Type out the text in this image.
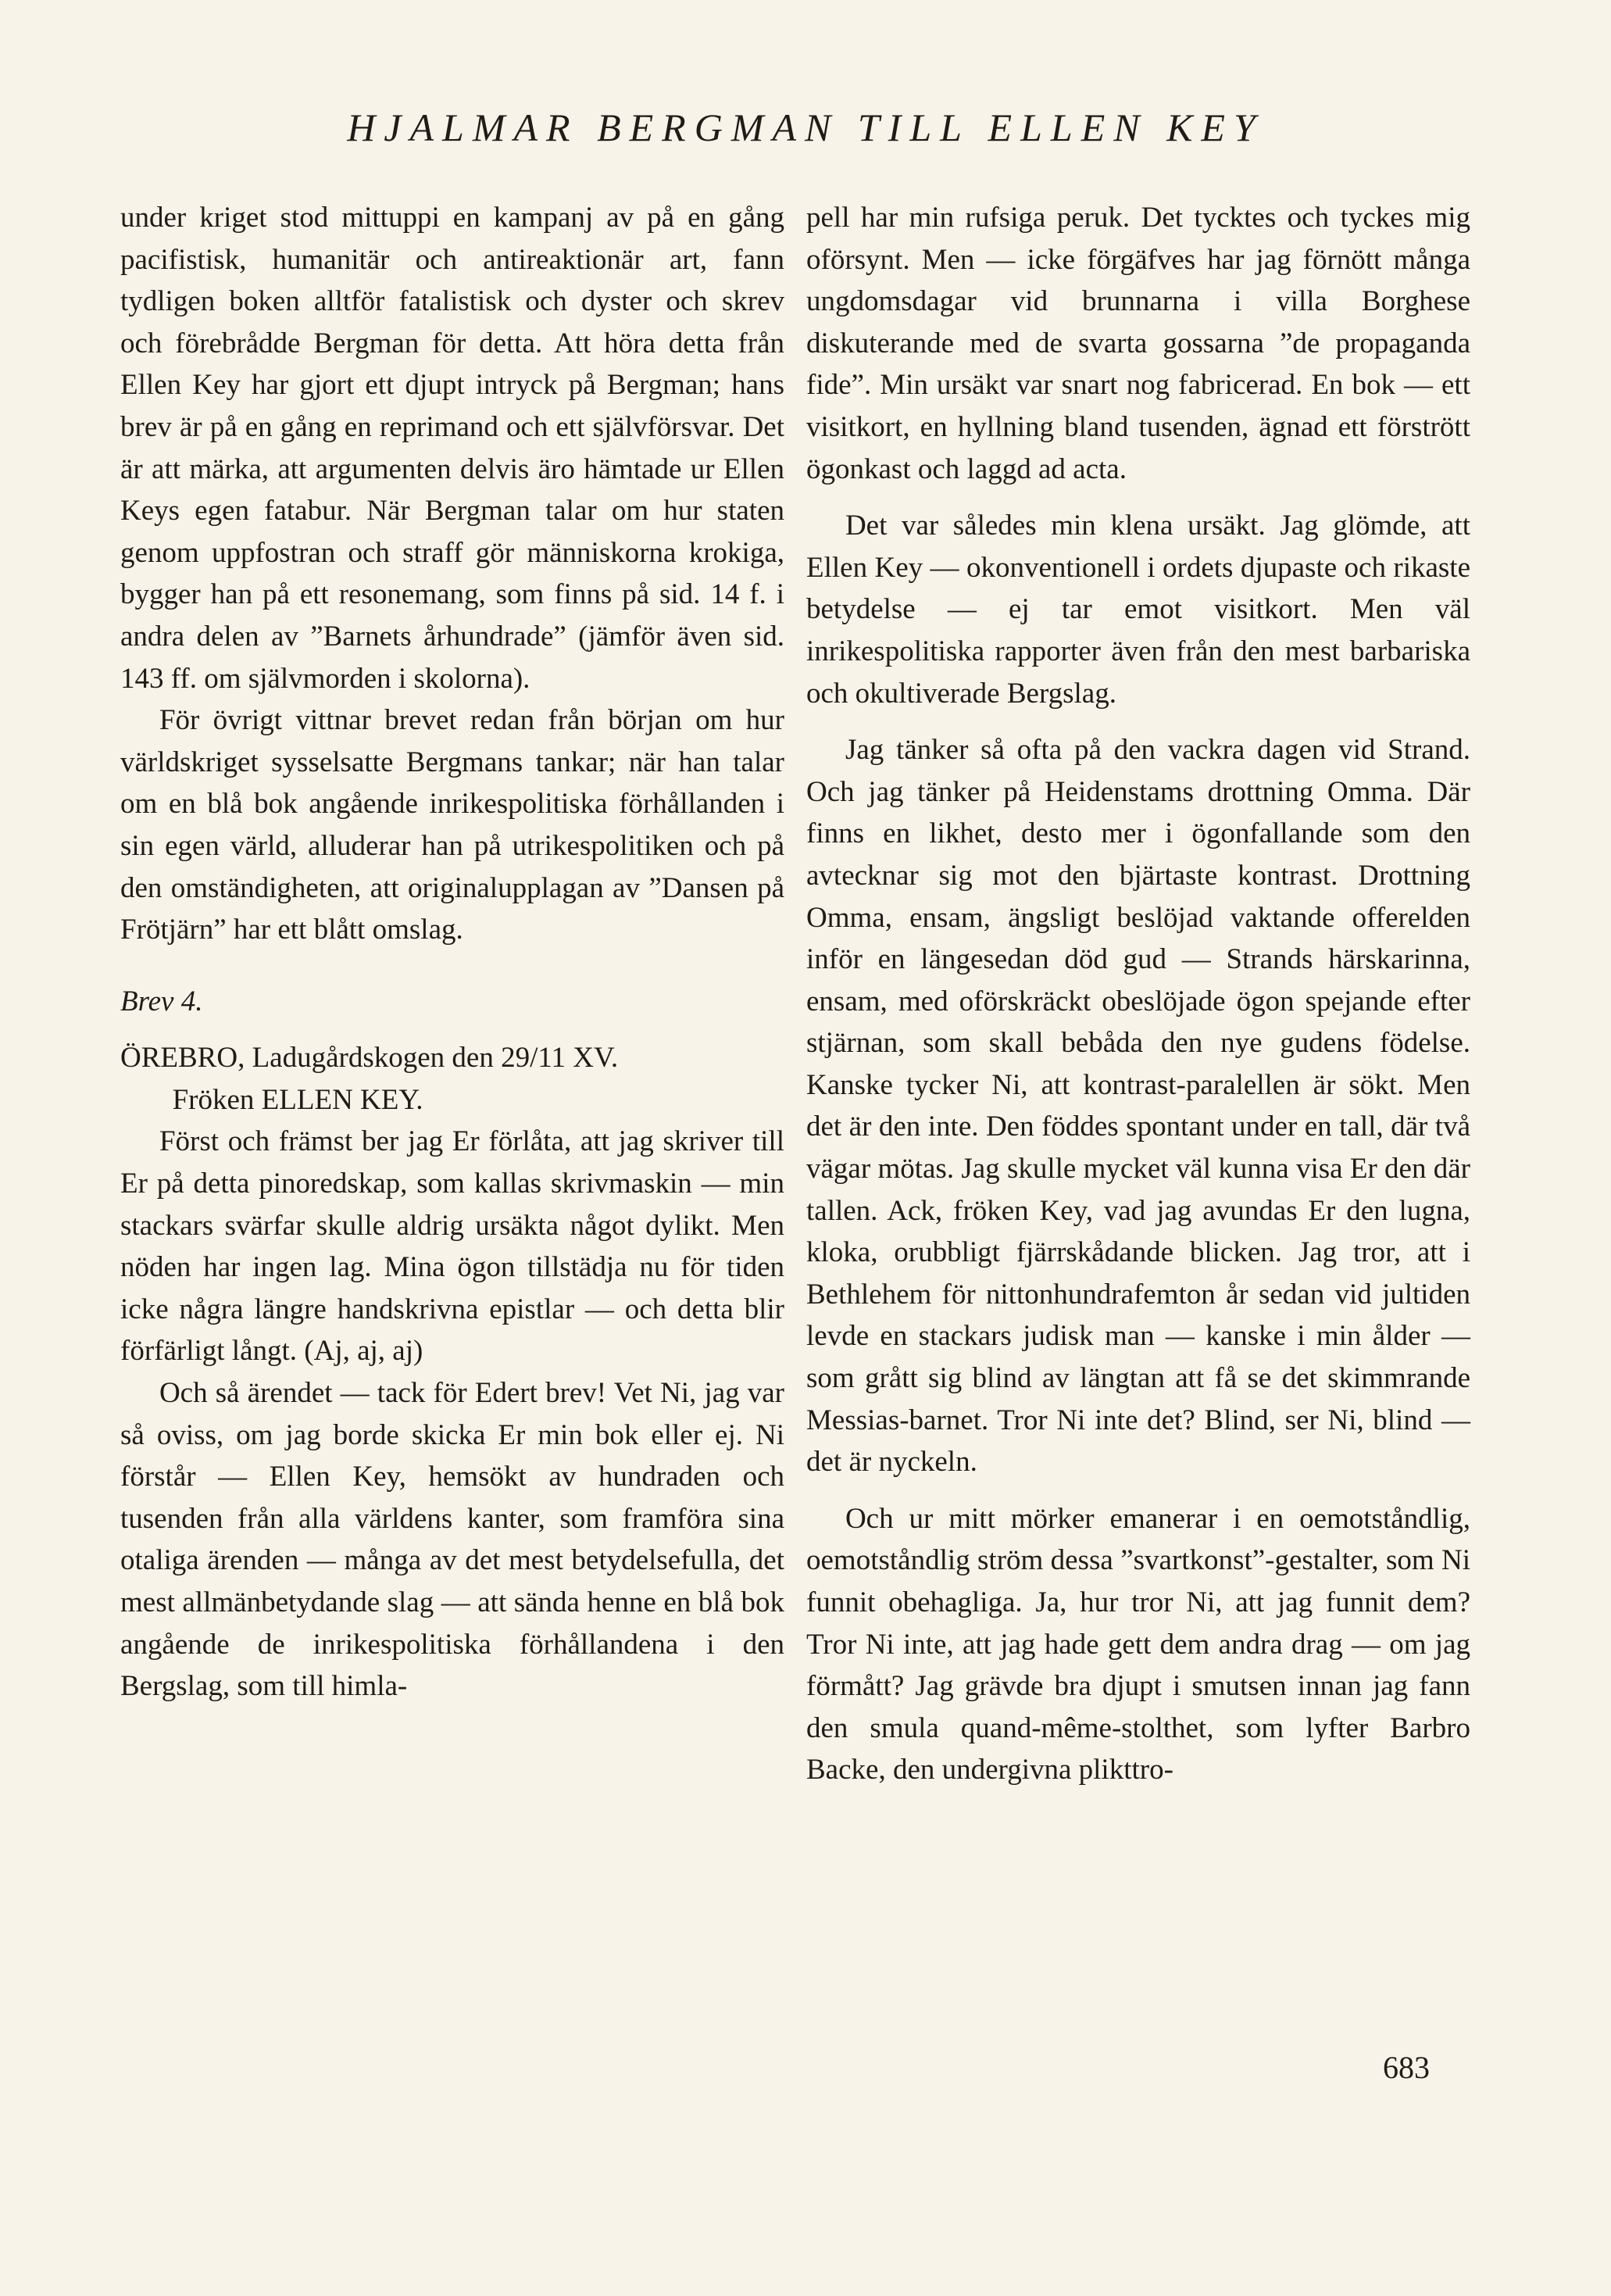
HJALMAR BERGMAN TILL ELLEN KEY

under kriget stod mittuppi en kampanj av på en gång pacifistisk, humanitär och antireaktionär art, fann tydligen boken alltför fatalistisk och dyster och skrev och förebrådde Bergman för detta. Att höra detta från Ellen Key har gjort ett djupt intryck på Bergman; hans brev är på en gång en reprimand och ett självförsvar. Det är att märka, att argumenten delvis äro hämtade ur Ellen Keys egen fatabur. När Bergman talar om hur staten genom uppfostran och straff gör människorna krokiga, bygger han på ett resonemang, som finns på sid. 14 f. i andra delen av ”Barnets århundrade” (jämför även sid. 143 ff. om självmorden i skolorna).

För övrigt vittnar brevet redan från början om hur världskriget sysselsatte Bergmans tankar; när han talar om en blå bok angående inrikespolitiska förhållanden i sin egen värld, alluderar han på utrikespolitiken och på den omständigheten, att originalupplagan av ”Dansen på Frötjärn” har ett blått omslag.

Brev 4.

ÖREBRO, Ladugårdskogen den 29/11 XV.

Fröken ELLEN KEY.

Först och främst ber jag Er förlåta, att jag skriver till Er på detta pinoredskap, som kallas skrivmaskin — min stackars svärfar skulle aldrig ursäkta något dylikt. Men nöden har ingen lag. Mina ögon tillstädja nu för tiden icke några längre handskrivna epistlar — och detta blir förfärligt långt. (Aj, aj, aj)

Och så ärendet — tack för Edert brev! Vet Ni, jag var så oviss, om jag borde skicka Er min bok eller ej. Ni förstår — Ellen Key, hemsökt av hundraden och tusenden från alla världens kanter, som framföra sina otaliga ärenden — många av det mest betydelsefulla, det mest allmänbetydande slag — att sända henne en blå bok angående de inrikespolitiska förhållandena i den Bergslag, som till himla-

pell har min rufsiga peruk. Det tycktes och tyckes mig oförsynt. Men — icke förgäfves har jag förnött många ungdomsdagar vid brunnarna i villa Borghese diskuterande med de svarta gossarna ”de propaganda fide”. Min ursäkt var snart nog fabricerad. En bok — ett visitkort, en hyllning bland tusenden, ägnad ett förstrött ögonkast och laggd ad acta.

Det var således min klena ursäkt. Jag glömde, att Ellen Key — okonventionell i ordets djupaste och rikaste betydelse — ej tar emot visitkort. Men väl inrikespolitiska rapporter även från den mest barbariska och okultiverade Bergslag.

Jag tänker så ofta på den vackra dagen vid Strand. Och jag tänker på Heidenstams drottning Omma. Där finns en likhet, desto mer i ögonfallande som den avtecknar sig mot den bjärtaste kontrast. Drottning Omma, ensam, ängsligt beslöjad vaktande offerelden inför en längesedan död gud — Strands härskarinna, ensam, med oförskräckt obeslöjade ögon spejande efter stjärnan, som skall bebåda den nye gudens födelse. Kanske tycker Ni, att kontrast-paralellen är sökt. Men det är den inte. Den föddes spontant under en tall, där två vägar mötas. Jag skulle mycket väl kunna visa Er den där tallen. Ack, fröken Key, vad jag avundas Er den lugna, kloka, orubbligt fjärrskådande blicken. Jag tror, att i Bethlehem för nittonhundrafemton år sedan vid jultiden levde en stackars judisk man — kanske i min ålder — som grått sig blind av längtan att få se det skimmrande Messias-barnet. Tror Ni inte det? Blind, ser Ni, blind — det är nyckeln.

Och ur mitt mörker emanerar i en oemotståndlig, oemotståndlig ström dessa ”svartkonst”-gestalter, som Ni funnit obehagliga. Ja, hur tror Ni, att jag funnit dem? Tror Ni inte, att jag hade gett dem andra drag — om jag förmått? Jag grävde bra djupt i smutsen innan jag fann den smula quand-même-stolthet, som lyfter Barbro Backe, den undergivna plikttro-

683
